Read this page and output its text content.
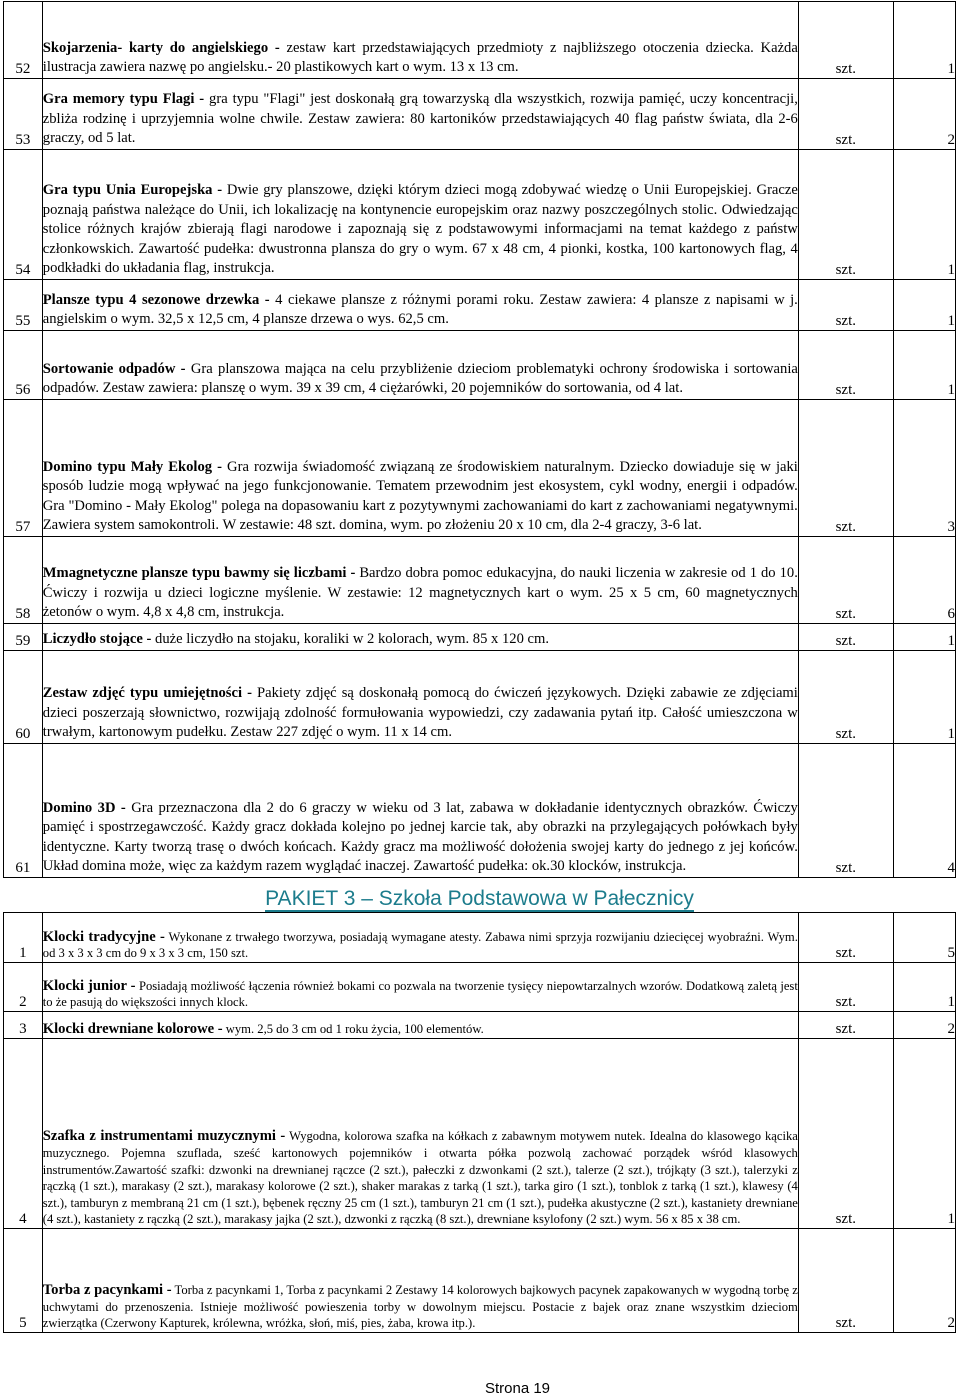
52	Skojarzenia- karty do angielskiego - zestaw kart przedstawiających przedmioty z najbliższego otoczenia dziecka. Każda ilustracja zawiera nazwę po angielsku.- 20 plastikowych kart o wym. 13 x 13 cm.	szt.	1
53	Gra memory typu Flagi - gra typu "Flagi" jest doskonałą grą towarzyską dla wszystkich, rozwija pamięć, uczy koncentracji, zbliża rodzinę i uprzyjemnia wolne chwile. Zestaw zawiera: 80 kartoników przedstawiających 40 flag państw świata, dla 2-6 graczy, od 5 lat.	szt.	2
54	Gra typu Unia Europejska - Dwie gry planszowe, dzięki którym dzieci mogą zdobywać wiedzę o Unii Europejskiej. Gracze poznają państwa należące do Unii, ich lokalizację na kontynencie europejskim oraz nazwy poszczególnych stolic. Odwiedzając stolice różnych krajów zbierają flagi narodowe i zapoznają się z podstawowymi informacjami na temat każdego z państw członkowskich. Zawartość pudełka: dwustronna plansza do gry o wym. 67 x 48 cm, 4 pionki, kostka, 100 kartonowych flag, 4 podkładki do układania flag, instrukcja.	szt.	1
55	Plansze typu 4 sezonowe drzewka - 4 ciekawe plansze z różnymi porami roku. Zestaw zawiera: 4 plansze z napisami w j. angielskim o wym. 32,5 x 12,5 cm, 4 plansze drzewa o wys. 62,5 cm.	szt.	1
56	Sortowanie odpadów - Gra planszowa mająca na celu przybliżenie dzieciom problematyki ochrony środowiska i sortowania odpadów. Zestaw zawiera: planszę o wym. 39 x 39 cm, 4 ciężarówki, 20 pojemników do sortowania, od 4 lat.	szt.	1
57	Domino typu Mały Ekolog - Gra rozwija świadomość związaną ze środowiskiem naturalnym. Dziecko dowiaduje się w jaki sposób ludzie mogą wpływać na jego funkcjonowanie. Tematem przewodnim jest ekosystem, cykl wodny, energii i odpadów. Gra "Domino - Mały Ekolog" polega na dopasowaniu kart z pozytywnymi zachowaniami do kart z zachowaniami negatywnymi. Zawiera system samokontroli. W zestawie: 48 szt. domina, wym. po złożeniu 20 x 10 cm, dla 2-4 graczy, 3-6 lat.	szt.	3
58	Mmagnetyczne plansze typu bawmy się liczbami - Bardzo dobra pomoc edukacyjna, do nauki liczenia w zakresie od 1 do 10. Ćwiczy i rozwija u dzieci logiczne myślenie. W zestawie: 12 magnetycznych kart o wym. 25 x 5 cm, 60 magnetycznych żetonów o wym. 4,8 x 4,8 cm, instrukcja.	szt.	6
59	Liczydło stojące - duże liczydło na stojaku, koraliki w 2 kolorach, wym. 85 x 120 cm.	szt.	1
60	Zestaw zdjęć typu umiejętności - Pakiety zdjęć są doskonałą pomocą do ćwiczeń językowych. Dzięki zabawie ze zdjęciami dzieci poszerzają słownictwo, rozwijają zdolność formułowania wypowiedzi, czy zadawania pytań itp. Całość umieszczona w trwałym, kartonowym pudełku. Zestaw 227 zdjęć o wym. 11 x 14 cm.	szt.	1
61	Domino 3D - Gra przeznaczona dla 2 do 6 graczy w wieku od 3 lat, zabawa w dokładanie identycznych obrazków. Ćwiczy pamięć i spostrzegawczość. Każdy gracz dokłada kolejno po jednej karcie tak, aby obrazki na przylegających połówkach były identyczne. Karty tworzą trasę o dwóch końcach. Każdy gracz ma możliwość dołożenia swojej karty do jednego z jej końców. Układ domina może, więc za każdym razem wyglądać inaczej. Zawartość pudełka: ok.30 klocków, instrukcja.	szt.	4
PAKIET 3 – Szkoła Podstawowa w Pałecznicy
1	Klocki tradycyjne - Wykonane z trwałego tworzywa, posiadają wymagane atesty. Zabawa nimi sprzyja rozwijaniu dziecięcej wyobraźni. Wym. od 3 x 3 x 3 cm do 9 x 3 x 3 cm, 150 szt.	szt.	5
2	Klocki junior - Posiadają możliwość łączenia również bokami co pozwala na tworzenie tysięcy niepowtarzalnych wzorów. Dodatkową zaletą jest to że pasują do większości innych klock.	szt.	1
3	Klocki drewniane kolorowe - wym. 2,5 do 3 cm od 1 roku życia, 100 elementów.	szt.	2
4	Szafka z instrumentami muzycznymi - Wygodna, kolorowa szafka na kółkach z zabawnym motywem nutek. Idealna do klasowego kącika muzycznego. Pojemna szuflada, sześć kartonowych pojemników i otwarta półka pozwolą zachować porządek wśród klasowych instrumentów.Zawartość szafki: dzwonki na drewnianej rączce (2 szt.), pałeczki z dzwonkami (2 szt.), talerze (2 szt.), trójkąty (3 szt.), talerzyki z rączką (1 szt.), marakasy (2 szt.), marakasy kolorowe (2 szt.), shaker marakas z tarką (1 szt.), tarka giro (1 szt.), tonblok z tarką (1 szt.), klawesy (4 szt.), tamburyn z membraną 21 cm (1 szt.), bębenek ręczny 25 cm (1 szt.), tamburyn 21 cm (1 szt.), pudełka akustyczne (2 szt.), kastaniety drewniane (4 szt.), kastaniety z rączką (2 szt.), marakasy jajka (2 szt.), dzwonki z rączką (8 szt.), drewniane ksylofony (2 szt.) wym. 56 x 85 x 38 cm.	szt.	1
5	Torba z pacynkami - Torba z pacynkami 1, Torba z pacynkami 2 Zestawy 14 kolorowych bajkowych pacynek zapakowanych w wygodną torbę z uchwytami do przenoszenia. Istnieje możliwość powieszenia torby w dowolnym miejscu. Postacie z bajek oraz znane wszystkim dzieciom zwierzątka (Czerwony Kapturek, królewna, wróżka, słoń, miś, pies, żaba, krowa itp.).	szt.	2
Strona 19
